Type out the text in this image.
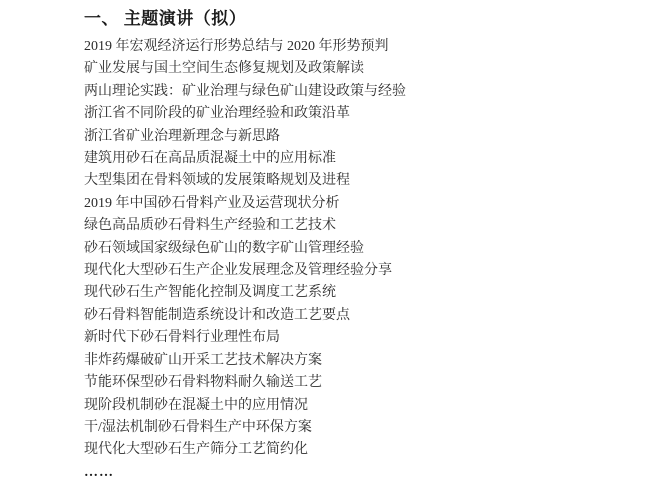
一、 主题演讲（拟）

2019 年宏观经济运行形势总结与 2020 年形势预判

矿业发展与国土空间生态修复规划及政策解读

两山理论实践：矿业治理与绿色矿山建设政策与经验

浙江省不同阶段的矿业治理经验和政策沿革

浙江省矿业治理新理念与新思路

建筑用砂石在高品质混凝土中的应用标准

大型集团在骨料领域的发展策略规划及进程

2019 年中国砂石骨料产业及运营现状分析

绿色高品质砂石骨料生产经验和工艺技术

砂石领域国家级绿色矿山的数字矿山管理经验

现代化大型砂石生产企业发展理念及管理经验分享

现代砂石生产智能化控制及调度工艺系统

砂石骨料智能制造系统设计和改造工艺要点

新时代下砂石骨料行业理性布局

非炸药爆破矿山开采工艺技术解决方案

节能环保型砂石骨料物料耐久输送工艺

现阶段机制砂在混凝土中的应用情况

干/湿法机制砂石骨料生产中环保方案

现代化大型砂石生产筛分工艺简约化

……
